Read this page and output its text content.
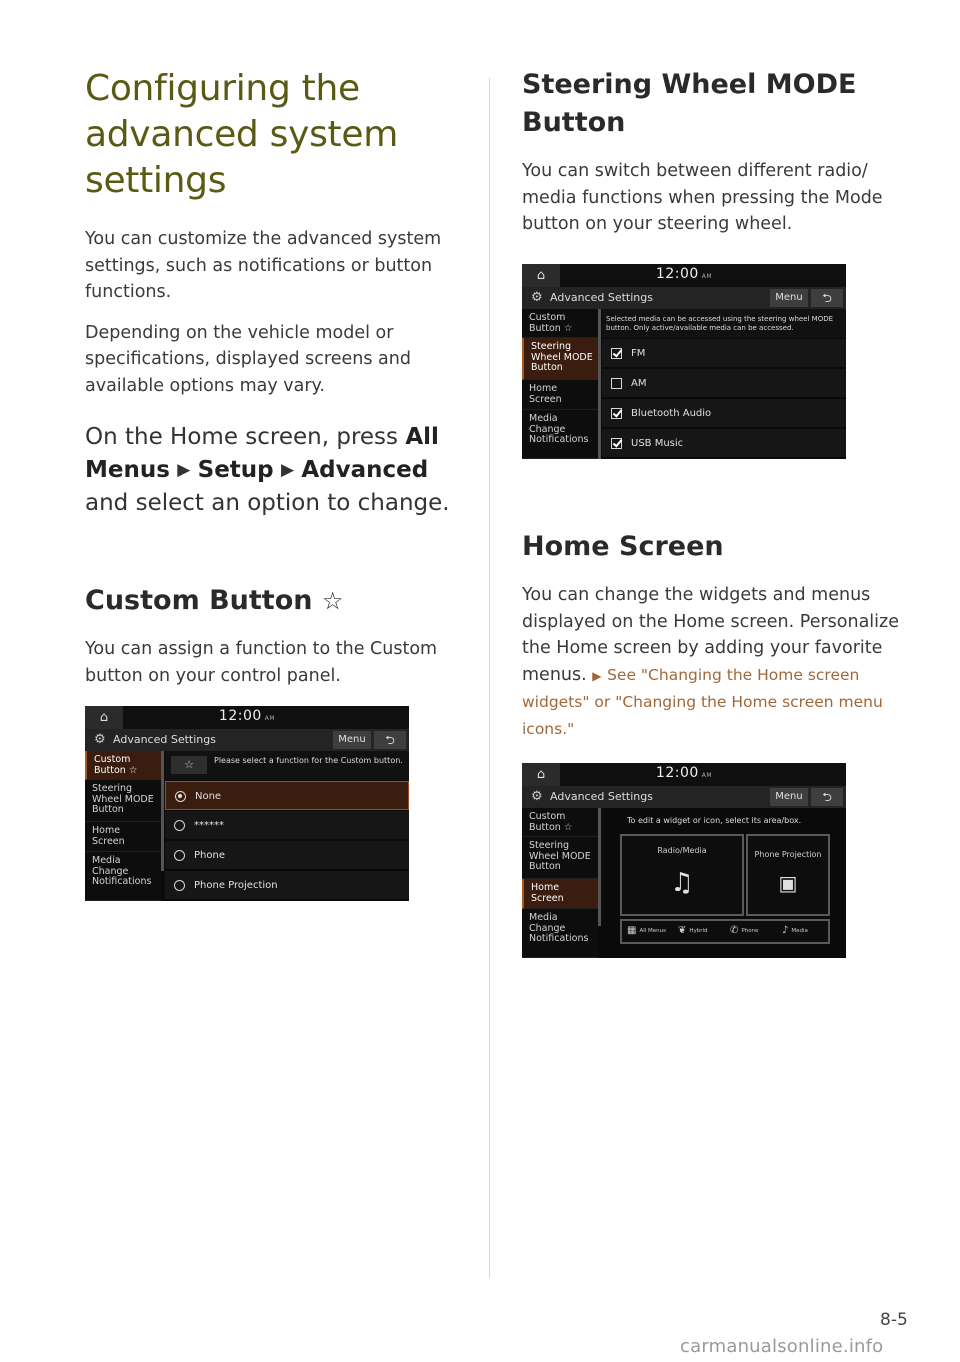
Configuring the
advanced system
settings

You can customize the advanced system settings, such as notifications or button functions.

Depending on the vehicle model or specifications, displayed screens and available options may vary.

On the Home screen, press All Menus ▶ Setup ▶ Advanced and select an option to change.

Custom Button ☆

You can assign a function to the Custom button on your control panel.

Steering Wheel MODE
Button

You can switch between different radio/ media functions when pressing the Mode button on your steering wheel.

Home Screen

You can change the widgets and menus displayed on the Home screen. Personalize the Home screen by adding your favorite menus. ▶ See "Changing the Home screen widgets" or "Changing the Home screen menu icons."

⌂	12:00 AM
⚙ Advanced Settings	Menu	⮌
Custom
Button ☆
Steering
Wheel MODE
Button
Home
Screen
Media
Change
Notifications
☆	Please select a function for the Custom button.
None
******
Phone
Phone Projection
⌂	12:00 AM
⚙ Advanced Settings	Menu	⮌
Custom
Button ☆
Steering
Wheel MODE
Button
Home
Screen
Media
Change
Notifications
Selected media can be accessed using the steering wheel MODE button. Only active/available media can be accessed.
FM
AM
Bluetooth Audio
USB Music
⌂	12:00 AM
⚙ Advanced Settings	Menu	⮌
Custom
Button ☆
Steering
Wheel MODE
Button
Home
Screen
Media
Change
Notifications
To edit a widget or icon, select its area/box.
Radio/Media
♫
Phone Projection
▣
▦ All Menus ❦ Hybrid ✆ Phone ♪ Media
8-5
carmanualsonline.info
